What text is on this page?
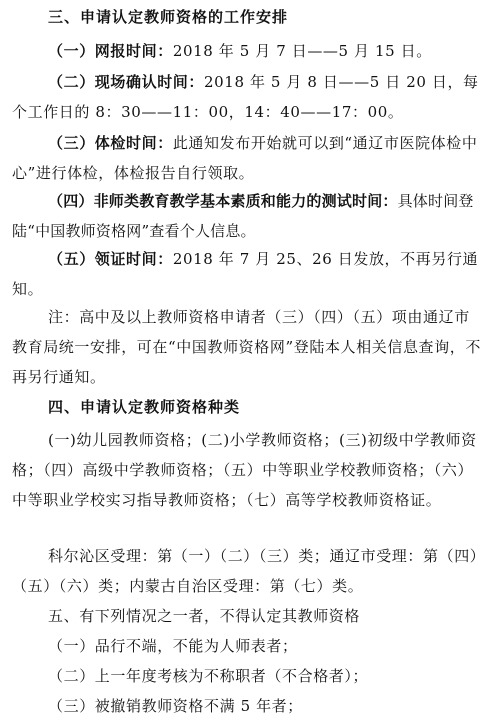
三、申请认定教师资格的工作安排
（一）网报时间：2018 年 5 月 7 日——5 月 15 日。

（二）现场确认时间：2018 年 5 月 8 日——5 日 20 日，每个工作日的 8：30——11：00，14：40——17：00。

（三）体检时间：此通知发布开始就可以到“通辽市医院体检中心”进行体检，体检报告自行领取。

（四）非师类教育教学基本素质和能力的测试时间：具体时间登陆“中国教师资格网”查看个人信息。

（五）领证时间：2018 年 7 月 25、26 日发放，不再另行通知。

注：高中及以上教师资格申请者（三）（四）（五）项由通辽市教育局统一安排，可在“中国教师资格网”登陆本人相关信息查询，不再另行通知。

四、申请认定教师资格种类

(一)幼儿园教师资格；(二)小学教师资格；(三)初级中学教师资格；（四）高级中学教师资格；（五）中等职业学校教师资格；（六）中等职业学校实习指导教师资格；（七）高等学校教师资格证。

科尔沁区受理：第（一）（二）（三）类；通辽市受理：第（四）（五）（六）类；内蒙古自治区受理：第（七）类。

五、有下列情况之一者，不得认定其教师资格
（一）品行不端，不能为人师表者；
（二）上一年度考核为不称职者（不合格者）；
（三）被撤销教师资格不满 5 年者；
